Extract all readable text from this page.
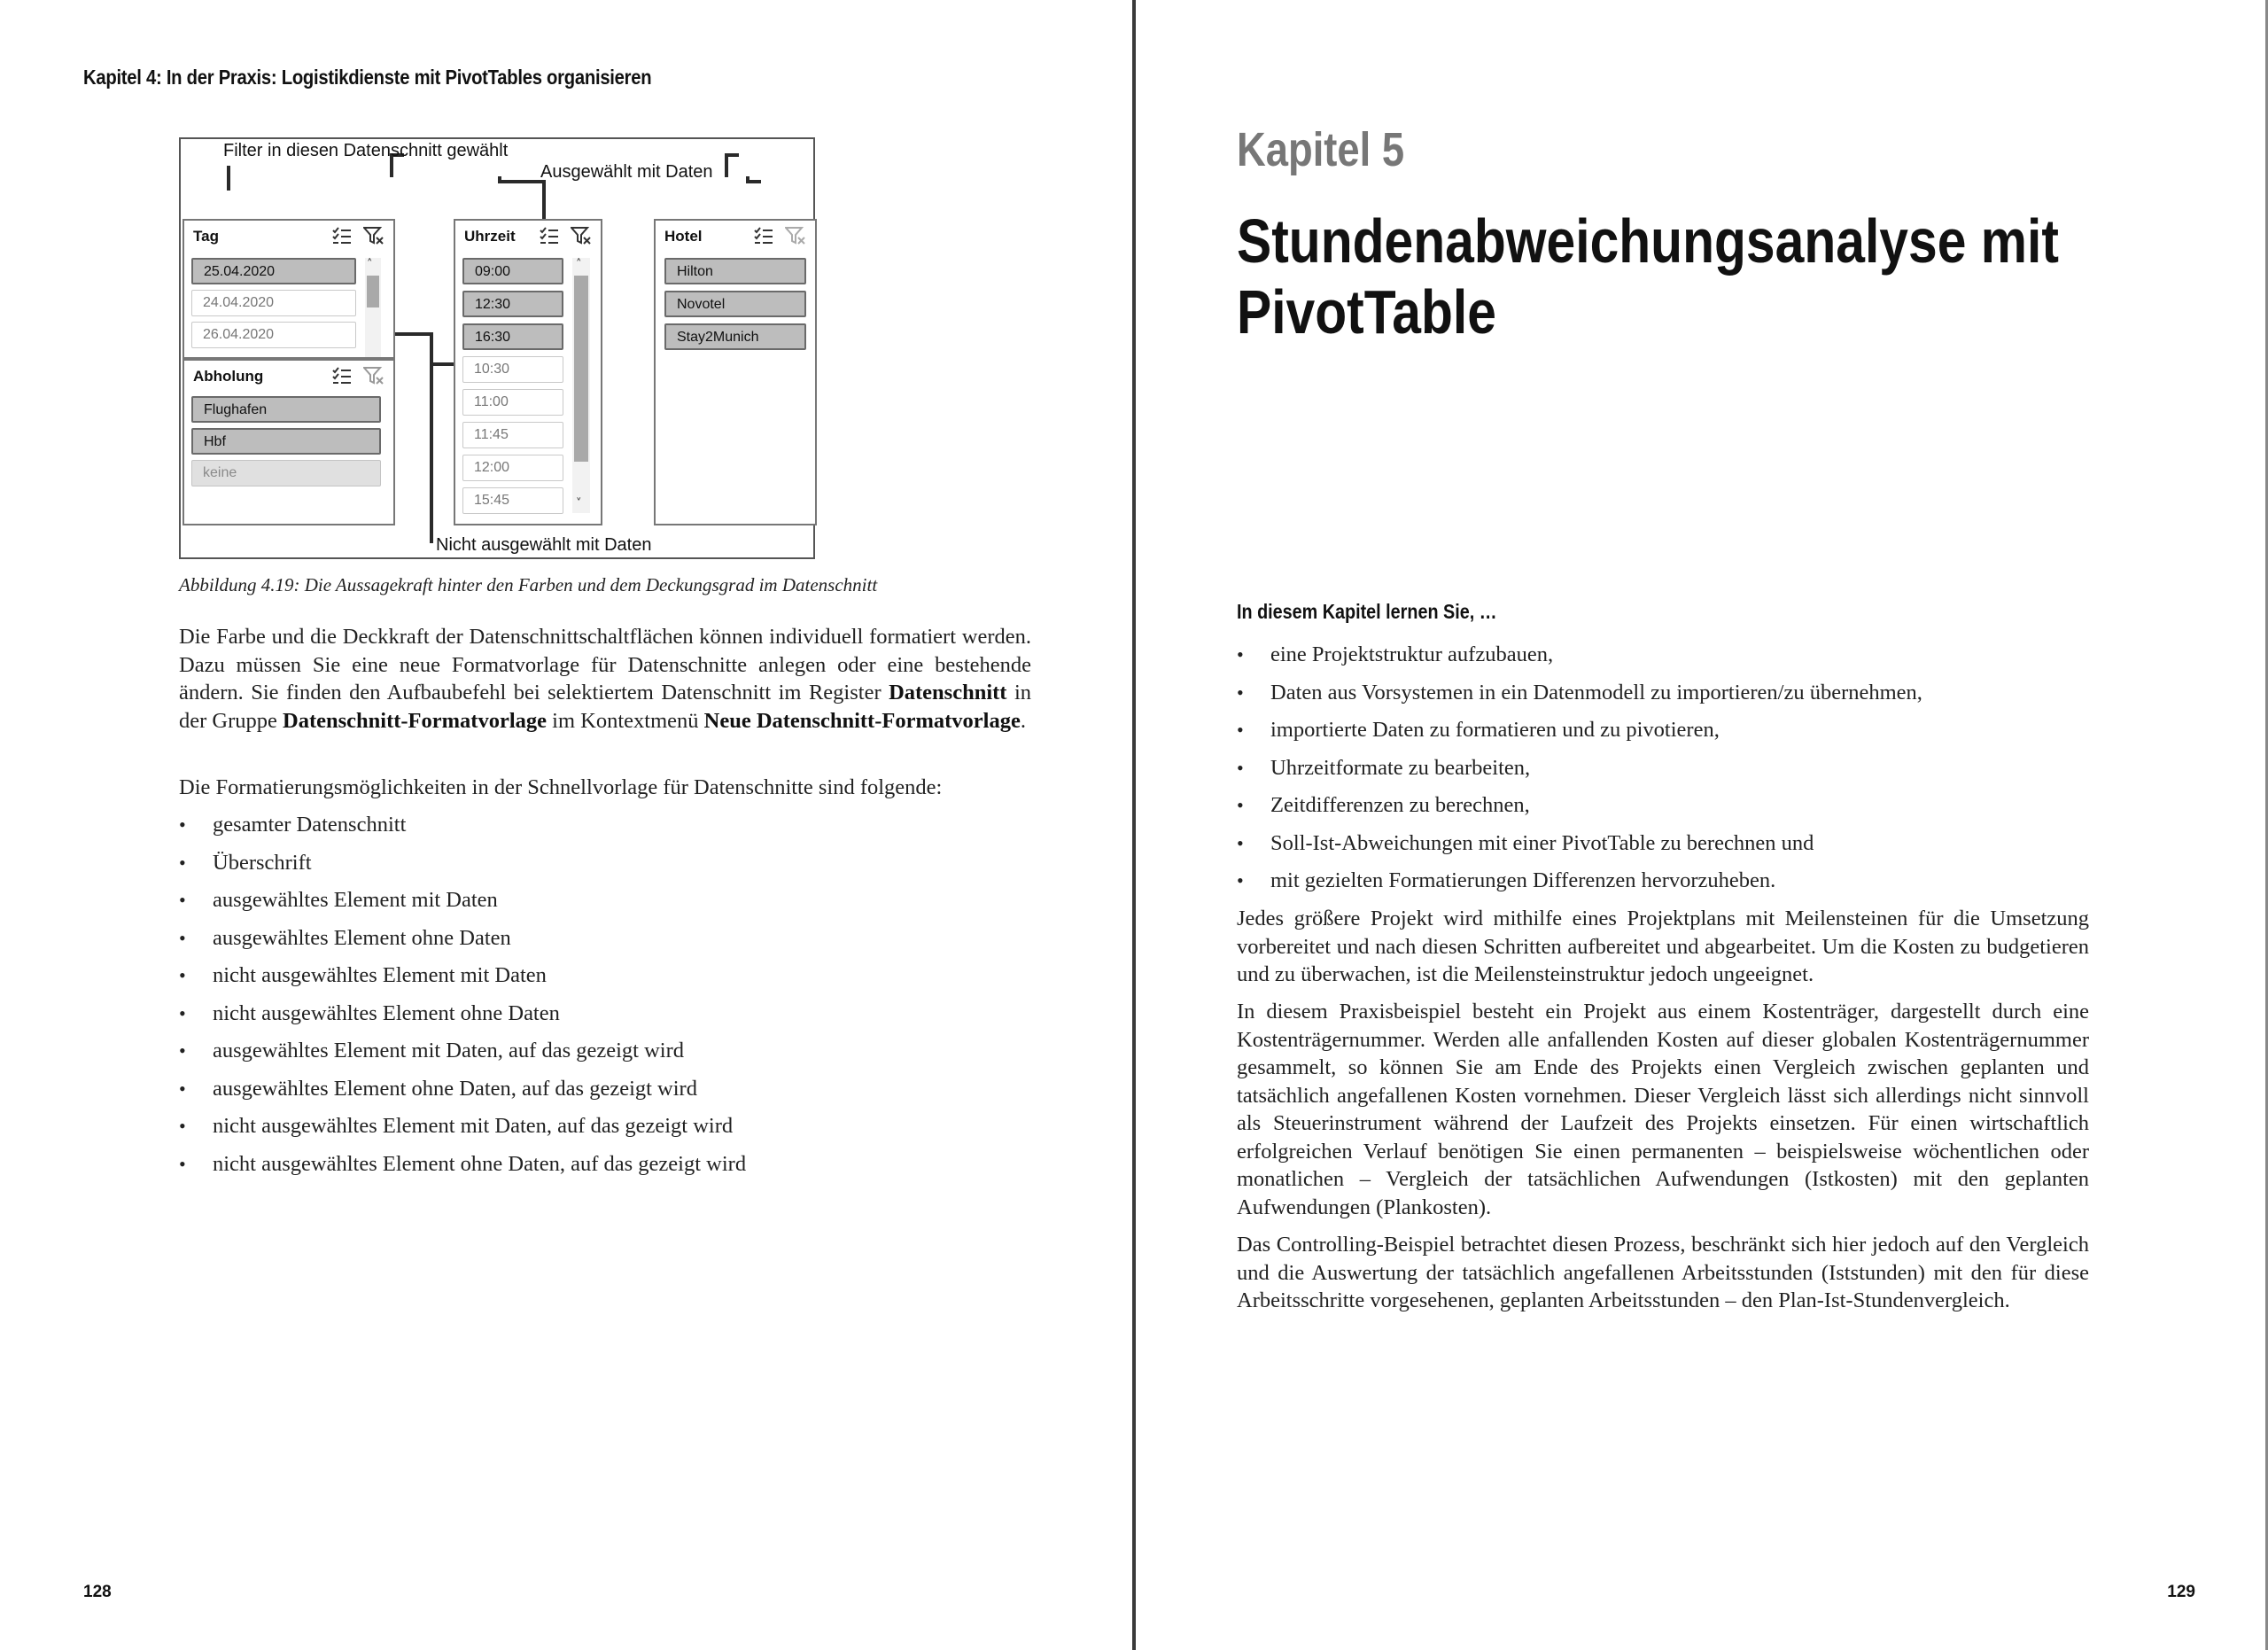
Kapitel 4: In der Praxis: Logistikdienste mit PivotTables organisieren
Filter in diesen Datenschnitt gewählt
Ausgewählt mit Daten
Nicht ausgewählt mit Daten
Tag
25.04.2020
24.04.2020
26.04.2020
˄
Abholung
Flughafen
Hbf
keine
Uhrzeit
09:00
12:30
16:30
10:30
11:00
11:45
12:00
15:45
˄
˅
Hotel
Hilton
Novotel
Stay2Munich
Abbildung 4.19: Die Aussagekraft hinter den Farben und dem Deckungsgrad im Datenschnitt

Die Farbe und die Deckkraft der Datenschnittschaltflächen können individuell formatiert werden. Dazu müssen Sie eine neue Formatvorlage für Datenschnitte anlegen oder eine bestehende ändern. Sie finden den Aufbaubefehl bei selektiertem Datenschnitt im Register Datenschnitt in der Gruppe Datenschnitt-Formatvorlage im Kontextmenü Neue Datenschnitt-Formatvorlage.

Die Formatierungsmöglichkeiten in der Schnellvorlage für Datenschnitte sind folgende:

• gesamter Datenschnitt
• Überschrift
• ausgewähltes Element mit Daten
• ausgewähltes Element ohne Daten
• nicht ausgewähltes Element mit Daten
• nicht ausgewähltes Element ohne Daten
• ausgewähltes Element mit Daten, auf das gezeigt wird
• ausgewähltes Element ohne Daten, auf das gezeigt wird
• nicht ausgewähltes Element mit Daten, auf das gezeigt wird
• nicht ausgewähltes Element ohne Daten, auf das gezeigt wird
128
Kapitel 5
Stundenabweichungsanalyse mit
PivotTable
In diesem Kapitel lernen Sie, …
• eine Projektstruktur aufzubauen,
• Daten aus Vorsystemen in ein Datenmodell zu importieren/zu übernehmen,
• importierte Daten zu formatieren und zu pivotieren,
• Uhrzeitformate zu bearbeiten,
• Zeitdifferenzen zu berechnen,
• Soll-Ist-Abweichungen mit einer PivotTable zu berechnen und
• mit gezielten Formatierungen Differenzen hervorzuheben.

Jedes größere Projekt wird mithilfe eines Projektplans mit Meilensteinen für die Umsetzung vorbereitet und nach diesen Schritten aufbereitet und abgearbeitet. Um die Kosten zu budgetieren und zu überwachen, ist die Meilensteinstruktur jedoch ungeeignet.

In diesem Praxisbeispiel besteht ein Projekt aus einem Kostenträger, dargestellt durch eine Kostenträgernummer. Werden alle anfallenden Kosten auf dieser globalen Kostenträgernummer gesammelt, so können Sie am Ende des Projekts einen Vergleich zwischen geplanten und tatsächlich angefallenen Kosten vornehmen. Dieser Vergleich lässt sich allerdings nicht sinnvoll als Steuerinstrument während der Laufzeit des Projekts einsetzen. Für einen wirtschaftlich erfolgreichen Verlauf benötigen Sie einen permanenten – beispielsweise wöchentlichen oder monatlichen – Vergleich der tatsächlichen Aufwendungen (Istkosten) mit den geplanten Aufwendungen (Plankosten).

Das Controlling-Beispiel betrachtet diesen Prozess, beschränkt sich hier jedoch auf den Vergleich und die Auswertung der tatsächlich angefallenen Arbeitsstunden (Iststunden) mit den für diese Arbeitsschritte vorgesehenen, geplanten Arbeitsstunden – den Plan-Ist-Stundenvergleich.

129
